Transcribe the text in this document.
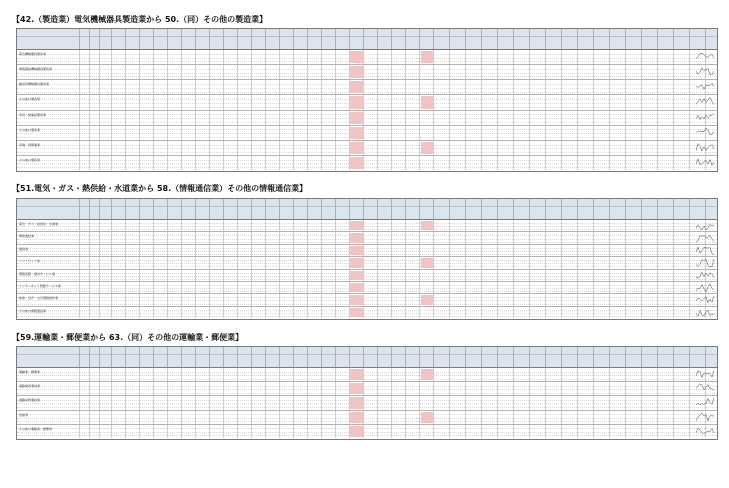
【42.（製造業）電気機械器具製造業から 50.（同）その他の製造業】
電気機械器具製造業
情報通信機械器具製造業
輸送用機械器具製造業
その他の製造業
家具・装備品製造業
その他の製造業
印刷・同関連業
その他の製造業
【51.電気・ガス・熱供給・水道業から 58.（情報通信業）その他の情報通信業】
電気・ガス・熱供給・水道業
情報通信業
通信業
ソフトウェア業
情報処理・提供サービス業
インターネット附随サービス業
映像・音声・文字情報制作業
その他の情報通信業
【59.運輸業・郵便業から 63.（同）その他の運輸業・郵便業】
運輸業、郵便業
道路旅客運送業
道路貨物運送業
倉庫業
その他の運輸業、郵便業
